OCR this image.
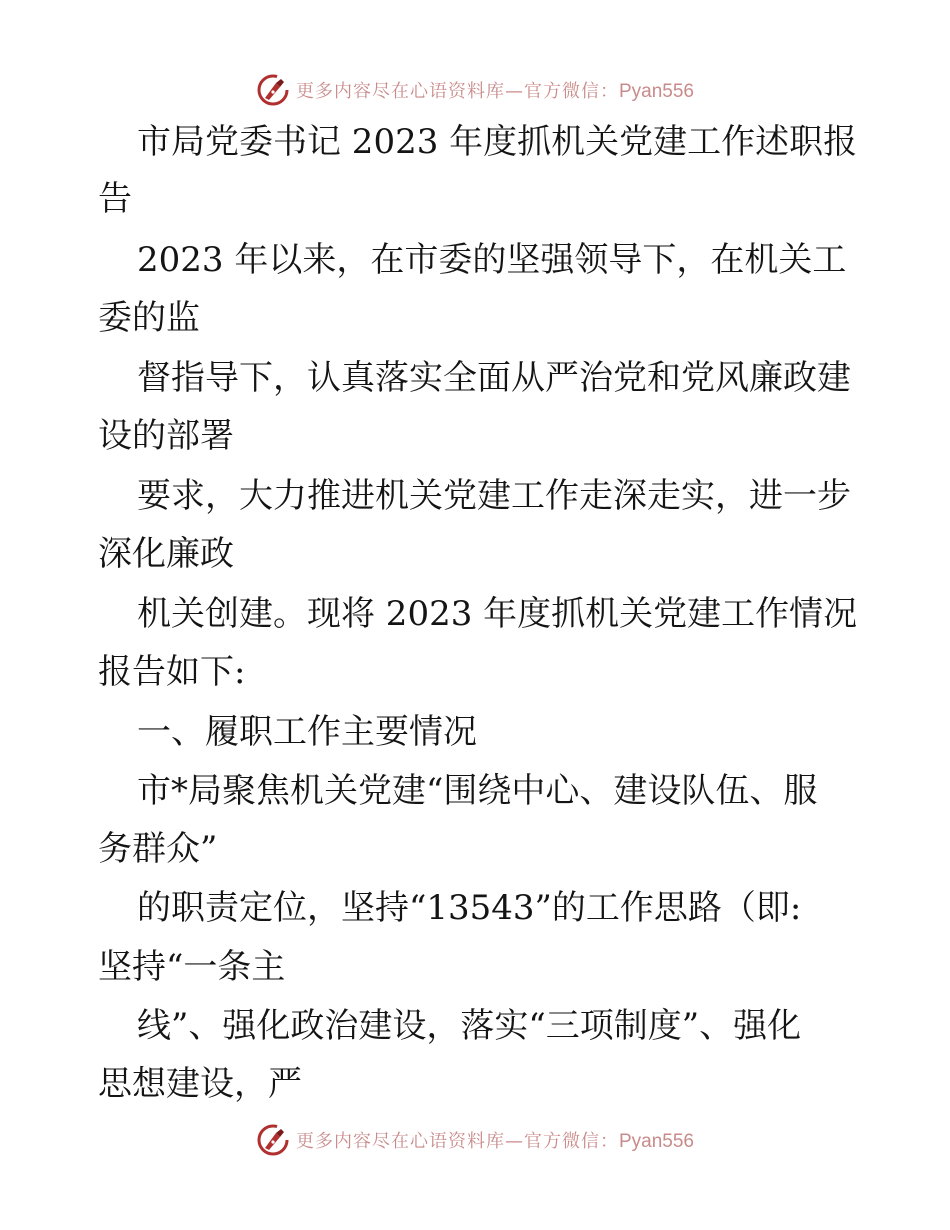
更多内容尽在心语资料库—官方微信：Pyan556
市局党委书记 2023 年度抓机关党建工作述职报
告
2023 年以来，在市委的坚强领导下，在机关工
委的监
督指导下，认真落实全面从严治党和党风廉政建
设的部署
要求，大力推进机关党建工作走深走实，进一步
深化廉政
机关创建。现将 2023 年度抓机关党建工作情况
报告如下:
一、履职工作主要情况
市*局聚焦机关党建“围绕中心、建设队伍、服
务群众”
的职责定位，坚持“13543”的工作思路（即:
坚持“一条主
线”、强化政治建设，落实“三项制度”、强化
思想建设，严
更多内容尽在心语资料库—官方微信：Pyan556
